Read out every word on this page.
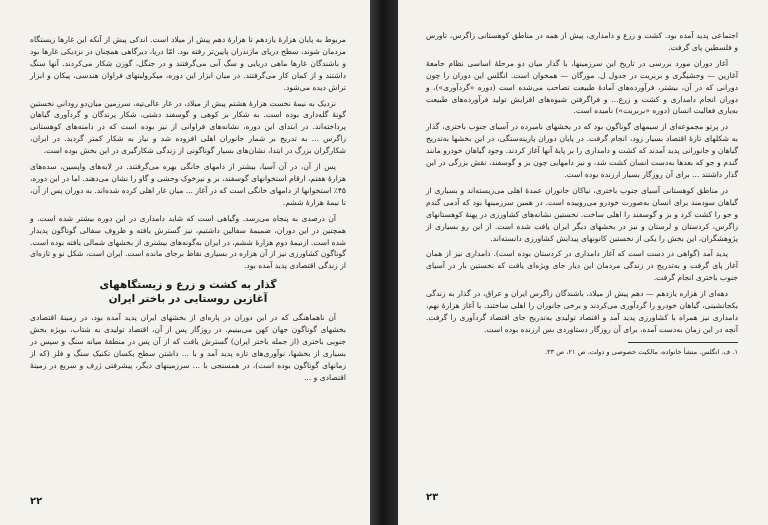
مربوط به پایان هزارهٔ یازدهم تا هزارهٔ دهم پیش از میلاد است. اندکی پیش از آنکه این غارها زیستگاه مردمان شوند، سطح دریای مازندران پایین‌تر رفته بود. امّا دریا، دیرگاهی همچنان در نزدیکی غارها بود و باشندگان غارها ماهی دریایی و سگ آبی می‌گرفتند و در جنگل، گوزن شکار می‌کردند. آنها سنگ داشتند و از کمان کار می‌گرفتند. در میان ابزار این دوره، میکرولیتهای فراوان هندسی، پیکان و ابزار تراش دیده می‌شود.

نزدیک به نیمهٔ نخست هزارهٔ هشتم پیش از میلاد، در غار عالی‌تپه، سرزمین میان‌دو رودانیِ نخستین گونهٔ گله‌داری بوده است. به شکار بز کوهی و گوسفند دشتی، شکار پرندگان و گردآوری گیاهان پرداخته‌اند. در ابتدای این دوره، نشانه‌های فراوانی از نیز بوده است که در دامنه‌های کوهستانی زاگرس ... به تدریج بر شمار جانوران اهلی افزوده شد و نیاز به شکار کمتر گردید. در ایران، شکارگران بزرگ در ابتدا، نشان‌های بسیار گوناگونی از زندگی شکارگیری در این بخش بوده است.

پس از آن، در آن آسیا، بیشتر از دامهای خانگی بهره می‌گرفتند. در لایه‌های واپسین، سده‌های هزارهٔ هفتم، ارقام استخوانهای گوسفند، بز و نیزخوک وحشی و گاو را نشان می‌دهند. اما در این دوره، ۴۵٪ استخوانها از دامهای خانگی است که در آغاز ... میان غار اهلی کرده شده‌اند. به دوران پس از آن، تا نیمهٔ هزارهٔ ششم.

آن درصدی به پنجاه می‌رسد. وگیاهی است که شاید دامداری در این دوره بیشتر شده است. و همچنین در این دوران، ضمیمهٔ سفالین داشتیم، نیز گسترش یافته و ظروف سفالی گوناگون پدیدار شده است. ازنیمهٔ دوم هزارهٔ ششم، در ایران به‌گونه‌های بیشتری از بخشهای شمالی یافته بوده است. گوناگون کشاورزی نیز از آن هزاره در بسیاری نقاط برجای مانده است. ایران است، شکل نو و تازه‌ای از زندگی اقتصادی پدید آمده بود.

گذار به کشت و زرع و زیستگاههای
آغازین روستایی در باختر ایران

آن ناهماهنگی که در این دوران در پاره‌ای از بخشهای ایران پدید آمده بود، در زمینهٔ اقتصادی بخشهای گوناگون جهان کهن می‌بینیم. در روزگار پس از آن، اقتصاد تولیدی به شتاب، بویژه بخش جنوبی باختری (از جمله باختر ایران) گسترش یافت که از آن پس در منطقهٔ میانه سنگ و سپس در بسیاری از بخشها، نوآوری‌های تازه پدید آمد و با ... داشتن سطح یکسان تکنیک سنگ و فلز (که از زمانهای گوناگون بوده است)، در همسنجی با ... سرزمینهای دیگر، پیشرفتی ژرف و سریع در زمینهٔ اقتصادی و ...

۲۲

اجتماعی پدید آمده بود. کشت و زرع و دامداری، پیش از همه در مناطق کوهستانی زاگرس، تاورس و فلسطین پای گرفت.

آغاز دوران مورد بررسی در تاریخ این سرزمینها، با گذار میان دو مرحلهٔ اساسی نظام جامعهٔ آغازین — وحشیگری و بربریت در جدول ل. مورگان — همخوان است. انگلس این دوران را چون دورانی که در آن، بیشتر، فرآورده‌های آمادهٔ طبیعت تصاحب می‌شده است (دوره «گردآوری»)، و دوران انجام دامداری و کشت و زرع... و فراگرفتن شیوه‌های افزایش تولید فرآورده‌های طبیعت به‌یاری فعالیت انسان (دوره «بربریت») نامیده است.

در پرتو مجموعه‌ای از سیمهای گوناگون بود که در بخشهای نامبرده در آسیای جنوب باختری، گذار به شکلهای تازهٔ اقتصاد بسیار زود، انجام گرفت. در پایان دوران پارینه‌سنگی، در این بخشها به‌تدریج گیاهان و جانورانی پدید آمدند که کشت و دامداری را بر پایهٔ آنها آغاز کردند. وجود گیاهان خودرو مانند گندم و جو که بعدها به‌دست انسان کشت شد، و نیز دامهایی چون بز و گوسفند، نقش بزرگی در این گذار داشتند ... برای آن روزگار بسیار ارزنده بوده است.

در مناطق کوهستانی آسیای جنوب باختری، نیاکان جانوران عمدهٔ اهلی می‌زیسته‌اند و بسیاری از گیاهان سودمند برای انسان به‌صورت خودرو می‌روییده است. در همین سرزمینها بود که آدمی گندم و جو را کشت کرد و بز و گوسفند را اهلی ساخت. نخستین نشانه‌های کشاورزی در پهنهٔ کوهستانهای زاگرس، کردستان و لرستان و نیز در بخشهای دیگر ایران یافت شده است. از این رو بسیاری از پژوهشگران، این بخش را یکی از نخستین کانونهای پیدایش کشاورزی دانسته‌اند.

پدید آمد (گواهی در دست است که آغاز دامداری در کردستان بوده است). دامداری نیز از همان آغاز پای گرفت و به‌تدریج در زندگی مردمان این دیار جای ویژه‌ای یافت که نخستین بار در آسیای جنوب باختری انجام گرفت.

دهه‌ای از هزاره یازدهم — دهم پیش از میلاد، باشندگان زاگرس ایران و عراق، در گذار به زندگی یکجانشینی، گیاهان خودرو را گردآوری می‌کردند و برخی جانوران را اهلی ساختند. با آغاز هزارهٔ نهم، دامداری نیز همراه با کشاورزی پدید آمد و اقتصاد تولیدی به‌تدریج جای اقتصاد گردآوری را گرفت. آنچه در این زمان به‌دست آمده، برای آن روزگار دستاوردی بس ارزنده بوده است.

۱. ف. انگلس. منشأ خانواده، مالکیت خصوصی و دولت، ص ۲۱، ص ۳۳.

۲۳
